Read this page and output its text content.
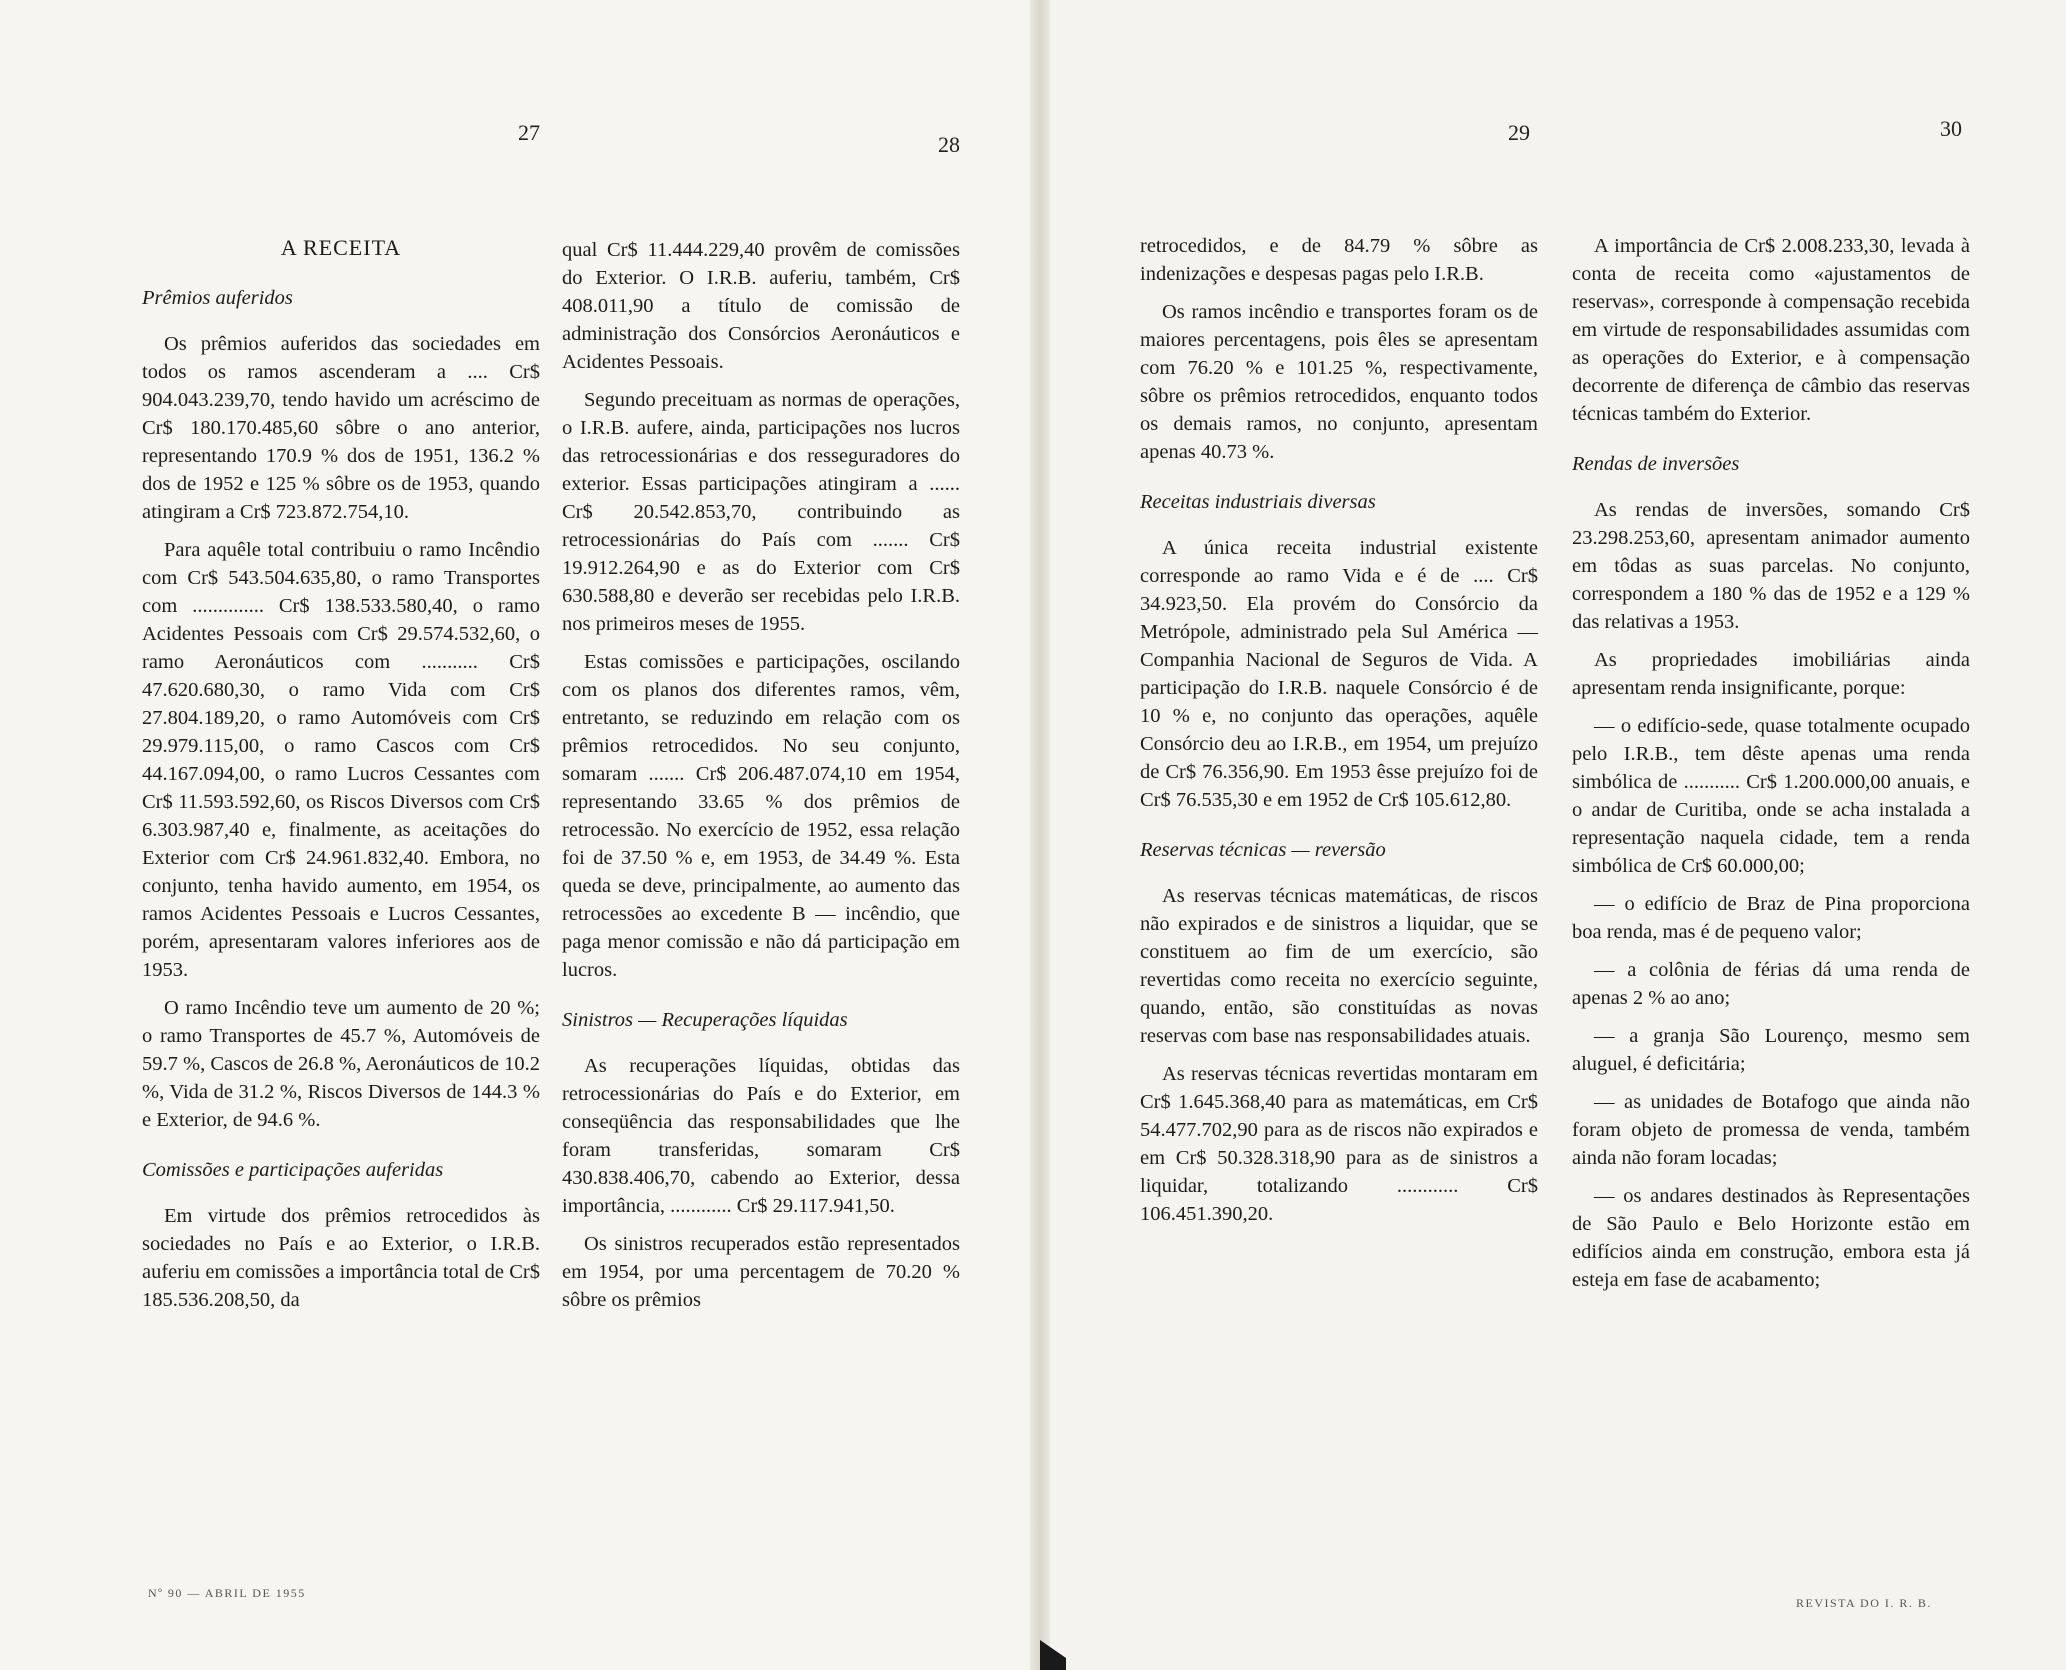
27	28	29	30
A RECEITA
Prêmios auferidos

Os prêmios auferidos das sociedades em todos os ramos ascenderam a .... Cr$ 904.043.239,70, tendo havido um acréscimo de Cr$ 180.170.485,60 sôbre o ano anterior, representando 170.9 % dos de 1951, 136.2 % dos de 1952 e 125 % sôbre os de 1953, quando atingiram a Cr$ 723.872.754,10.

Para aquêle total contribuiu o ramo Incêndio com Cr$ 543.504.635,80, o ramo Transportes com .............. Cr$ 138.533.580,40, o ramo Acidentes Pessoais com Cr$ 29.574.532,60, o ramo Aeronáuticos com ........... Cr$ 47.620.680,30, o ramo Vida com Cr$ 27.804.189,20, o ramo Automóveis com Cr$ 29.979.115,00, o ramo Cascos com Cr$ 44.167.094,00, o ramo Lucros Cessantes com Cr$ 11.593.592,60, os Riscos Diversos com Cr$ 6.303.987,40 e, finalmente, as aceitações do Exterior com Cr$ 24.961.832,40. Embora, no conjunto, tenha havido aumento, em 1954, os ramos Acidentes Pessoais e Lucros Cessantes, porém, apresentaram valores inferiores aos de 1953.

O ramo Incêndio teve um aumento de 20 %; o ramo Transportes de 45.7 %, Automóveis de 59.7 %, Cascos de 26.8 %, Aeronáuticos de 10.2 %, Vida de 31.2 %, Riscos Diversos de 144.3 % e Exterior, de 94.6 %.

Comissões e participações auferidas

Em virtude dos prêmios retrocedidos às sociedades no País e ao Exterior, o I.R.B. auferiu em comissões a importância total de Cr$ 185.536.208,50, da

qual Cr$ 11.444.229,40 provêm de comissões do Exterior. O I.R.B. auferiu, também, Cr$ 408.011,90 a título de comissão de administração dos Consórcios Aeronáuticos e Acidentes Pessoais.

Segundo preceituam as normas de operações, o I.R.B. aufere, ainda, participações nos lucros das retrocessionárias e dos resseguradores do exterior. Essas participações atingiram a ...... Cr$ 20.542.853,70, contribuindo as retrocessionárias do País com ....... Cr$ 19.912.264,90 e as do Exterior com Cr$ 630.588,80 e deverão ser recebidas pelo I.R.B. nos primeiros meses de 1955.

Estas comissões e participações, oscilando com os planos dos diferentes ramos, vêm, entretanto, se reduzindo em relação com os prêmios retrocedidos. No seu conjunto, somaram ....... Cr$ 206.487.074,10 em 1954, representando 33.65 % dos prêmios de retrocessão. No exercício de 1952, essa relação foi de 37.50 % e, em 1953, de 34.49 %. Esta queda se deve, principalmente, ao aumento das retrocessões ao excedente B — incêndio, que paga menor comissão e não dá participação em lucros.

Sinistros — Recuperações líquidas

As recuperações líquidas, obtidas das retrocessionárias do País e do Exterior, em conseqüência das responsabilidades que lhe foram transferidas, somaram Cr$ 430.838.406,70, cabendo ao Exterior, dessa importância, ............ Cr$ 29.117.941,50.

Os sinistros recuperados estão representados em 1954, por uma percentagem de 70.20 % sôbre os prêmios

retrocedidos, e de 84.79 % sôbre as indenizações e despesas pagas pelo I.R.B.

Os ramos incêndio e transportes foram os de maiores percentagens, pois êles se apresentam com 76.20 % e 101.25 %, respectivamente, sôbre os prêmios retrocedidos, enquanto todos os demais ramos, no conjunto, apresentam apenas 40.73 %.

Receitas industriais diversas

A única receita industrial existente corresponde ao ramo Vida e é de .... Cr$ 34.923,50. Ela provém do Consórcio da Metrópole, administrado pela Sul América — Companhia Nacional de Seguros de Vida. A participação do I.R.B. naquele Consórcio é de 10 % e, no conjunto das operações, aquêle Consórcio deu ao I.R.B., em 1954, um prejuízo de Cr$ 76.356,90. Em 1953 êsse prejuízo foi de Cr$ 76.535,30 e em 1952 de Cr$ 105.612,80.

Reservas técnicas — reversão

As reservas técnicas matemáticas, de riscos não expirados e de sinistros a liquidar, que se constituem ao fim de um exercício, são revertidas como receita no exercício seguinte, quando, então, são constituídas as novas reservas com base nas responsabilidades atuais.

As reservas técnicas revertidas montaram em Cr$ 1.645.368,40 para as matemáticas, em Cr$ 54.477.702,90 para as de riscos não expirados e em Cr$ 50.328.318,90 para as de sinistros a liquidar, totalizando ............ Cr$ 106.451.390,20.

A importância de Cr$ 2.008.233,30, levada à conta de receita como «ajustamentos de reservas», corresponde à compensação recebida em virtude de responsabilidades assumidas com as operações do Exterior, e à compensação decorrente de diferença de câmbio das reservas técnicas também do Exterior.

Rendas de inversões

As rendas de inversões, somando Cr$ 23.298.253,60, apresentam animador aumento em tôdas as suas parcelas. No conjunto, correspondem a 180 % das de 1952 e a 129 % das relativas a 1953.

As propriedades imobiliárias ainda apresentam renda insignificante, porque:

— o edifício-sede, quase totalmente ocupado pelo I.R.B., tem dêste apenas uma renda simbólica de ........... Cr$ 1.200.000,00 anuais, e o andar de Curitiba, onde se acha instalada a representação naquela cidade, tem a renda simbólica de Cr$ 60.000,00;

— o edifício de Braz de Pina proporciona boa renda, mas é de pequeno valor;

— a colônia de férias dá uma renda de apenas 2 % ao ano;

— a granja São Lourenço, mesmo sem aluguel, é deficitária;

— as unidades de Botafogo que ainda não foram objeto de promessa de venda, também ainda não foram locadas;

— os andares destinados às Representações de São Paulo e Belo Horizonte estão em edifícios ainda em construção, embora esta já esteja em fase de acabamento;

Nº 90 — ABRIL DE 1955
REVISTA DO I. R. B.
